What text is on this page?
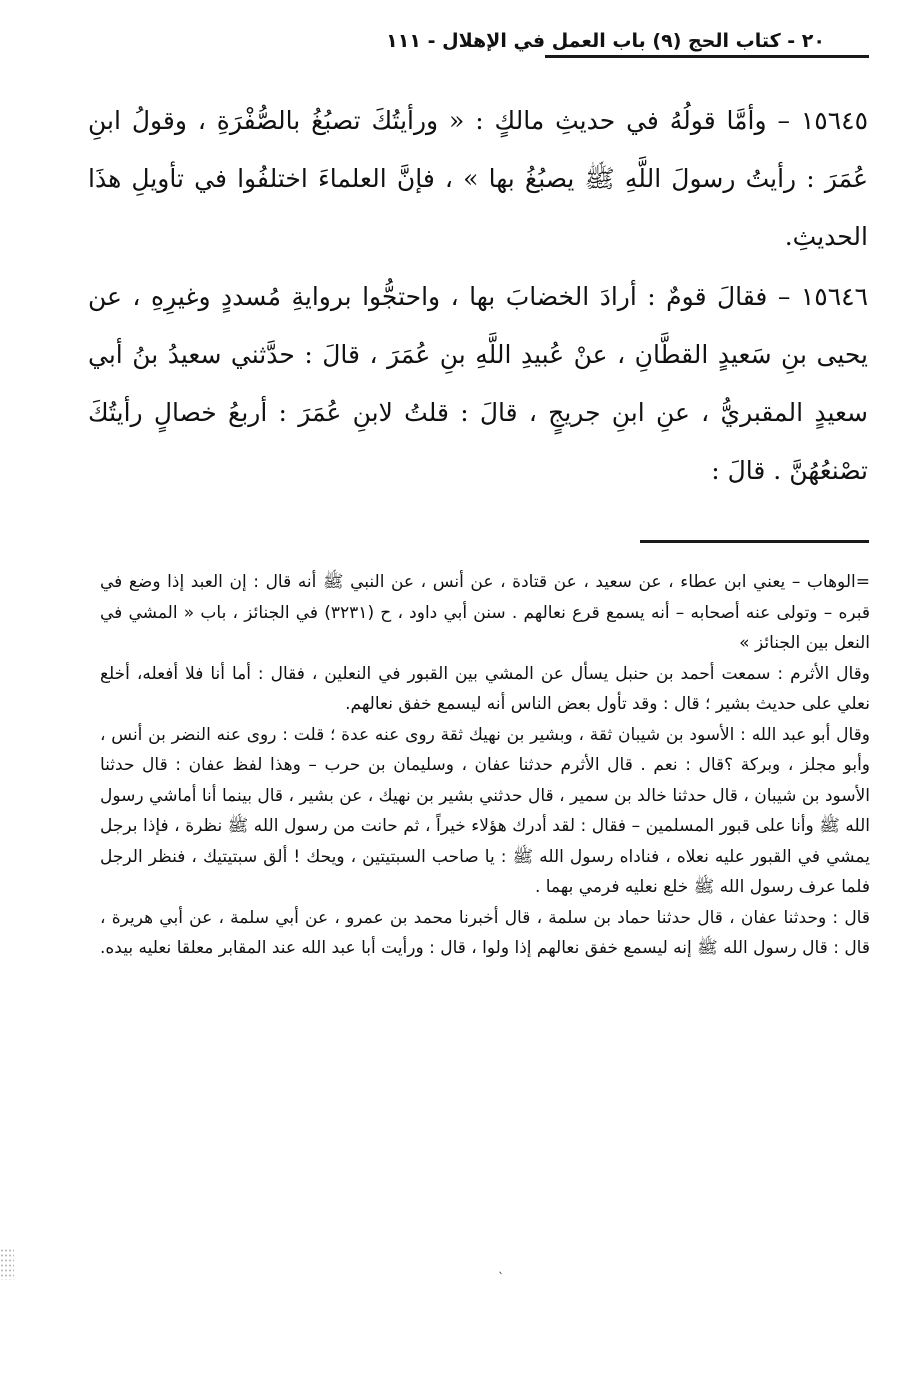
٢٠ - كتاب الحج (٩) باب العمل في الإهلال - ١١١

١٥٦٤٥ – وأمَّا قولُهُ في حديثِ مالكٍ : « ورأيتُكَ تصبُغُ بالصُّفْرَةِ ، وقولُ ابنِ عُمَرَ : رأيتُ رسولَ اللَّهِ ﷺ يصبُغُ بها » ، فإنَّ العلماءَ اختلفُوا في تأويلِ هذَا الحديثِ.

١٥٦٤٦ – فقالَ قومٌ : أرادَ الخضابَ بها ، واحتجُّوا بروايةِ مُسددٍ وغيرِهِ ، عن يحيى بنِ سَعيدٍ القطَّانِ ، عنْ عُبيدِ اللَّهِ بنِ عُمَرَ ، قالَ : حدَّثني سعيدُ بنُ أبي سعيدٍ المقبريُّ ، عنِ ابنِ جريجٍ ، قالَ : قلتُ لابنِ عُمَرَ : أربعُ خصالٍ رأيتُكَ تصْنعُهُنَّ . قالَ :

=الوهاب – يعني ابن عطاء ، عن سعيد ، عن قتادة ، عن أنس ، عن النبي ﷺ أنه قال : إن العبد إذا وضع في قبره – وتولى عنه أصحابه – أنه يسمع قرع نعالهم . سنن أبي داود ، ح (٣٢٣١) في الجنائز ، باب « المشي في النعل بين الجنائز »

وقال الأثرم : سمعت أحمد بن حنبل يسأل عن المشي بين القبور في النعلين ، فقال : أما أنا فلا أفعله، أخلع نعلي على حديث بشير ؛ قال : وقد تأول بعض الناس أنه ليسمع خفق نعالهم.

وقال أبو عبد الله : الأسود بن شيبان ثقة ، وبشير بن نهيك ثقة روى عنه عدة ؛ قلت : روى عنه النضر بن أنس ، وأبو مجلز ، وبركة ؟قال : نعم . قال الأثرم حدثنا عفان ، وسليمان بن حرب – وهذا لفظ عفان : قال حدثنا الأسود بن شيبان ، قال حدثنا خالد بن سمير ، قال حدثني بشير بن نهيك ، عن بشير ، قال بينما أنا أماشي رسول الله ﷺ وأنا على قبور المسلمين – فقال : لقد أدرك هؤلاء خيراً ، ثم حانت من رسول الله ﷺ نظرة ، فإذا برجل يمشي في القبور عليه نعلاه ، فناداه رسول الله ﷺ : يا صاحب السبتيتين ، ويحك ! ألق سبتيتيك ، فنظر الرجل فلما عرف رسول الله ﷺ خلع نعليه فرمي بهما .

قال : وحدثنا عفان ، قال حدثنا حماد بن سلمة ، قال أخبرنا محمد بن عمرو ، عن أبي سلمة ، عن أبي هريرة ، قال : قال رسول الله ﷺ إنه ليسمع خفق نعالهم إذا ولوا ، قال : ورأيت أبا عبد الله عند المقابر معلقا نعليه بيده.

ˎ
